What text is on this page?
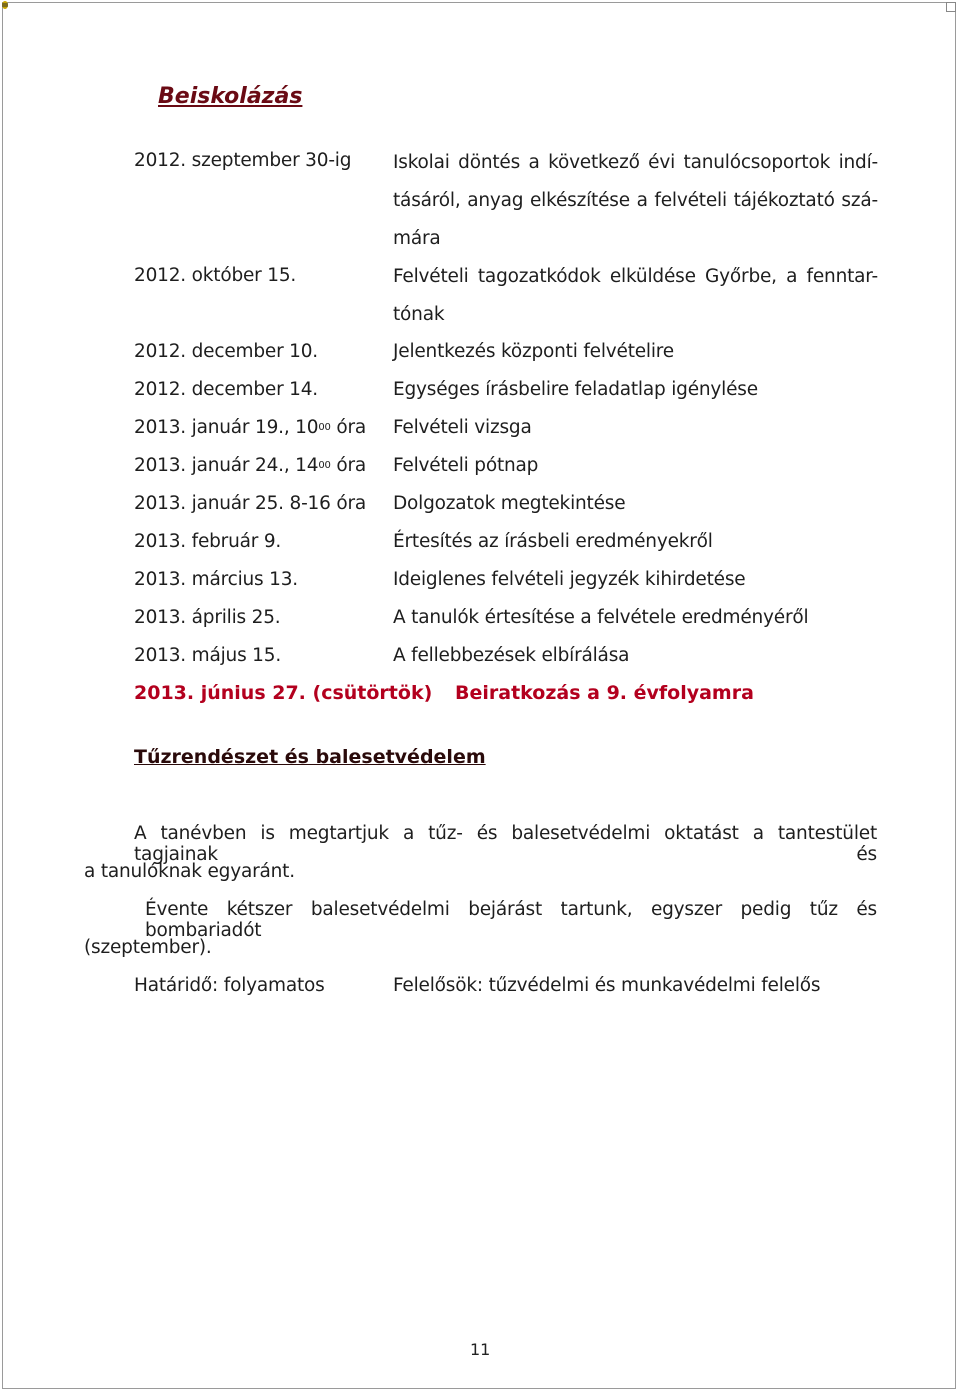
Beiskolázás
2012. szeptember 30-ig Iskolai döntés a következő évi tanulócsoportok indí-
tásáról, anyag elkészítése a felvételi tájékoztató szá-
mára
2012. október 15.	Felvételi tagozatkódok elküldése Győrbe, a fenntar-
tónak
2012. december 10.	Jelentkezés központi felvételire
2012. december 14.	Egységes írásbelire feladatlap igénylése
2013. január 19., $10^{00}$ óra Felvételi vizsga
2013. január 24., $14^{00}$ óra Felvételi pótnap
2013. január 25. 8-16 óra Dolgozatok megtekintése
2013. február 9.	Értesítés az írásbeli eredményekről
2013. március 13.	Ideiglenes felvételi jegyzék kihirdetése
2013. április 25.	A tanulók értesítése a felvétele eredményéről
2013. május 15.	A fellebbezések elbírálása
2013. június 27. (csütörtök) Beiratkozás a 9. évfolyamra
Tűzrendészet és balesetvédelem
A tanévben is megtartjuk a tűz- és balesetvédelmi oktatást a tantestület tagjainak és
a tanulóknak egyaránt.
Évente kétszer balesetvédelmi bejárást tartunk, egyszer pedig tűz és bombariadót
(szeptember).
Határidő: folyamatos	Felelősök: tűzvédelmi és munkavédelmi felelős
11
